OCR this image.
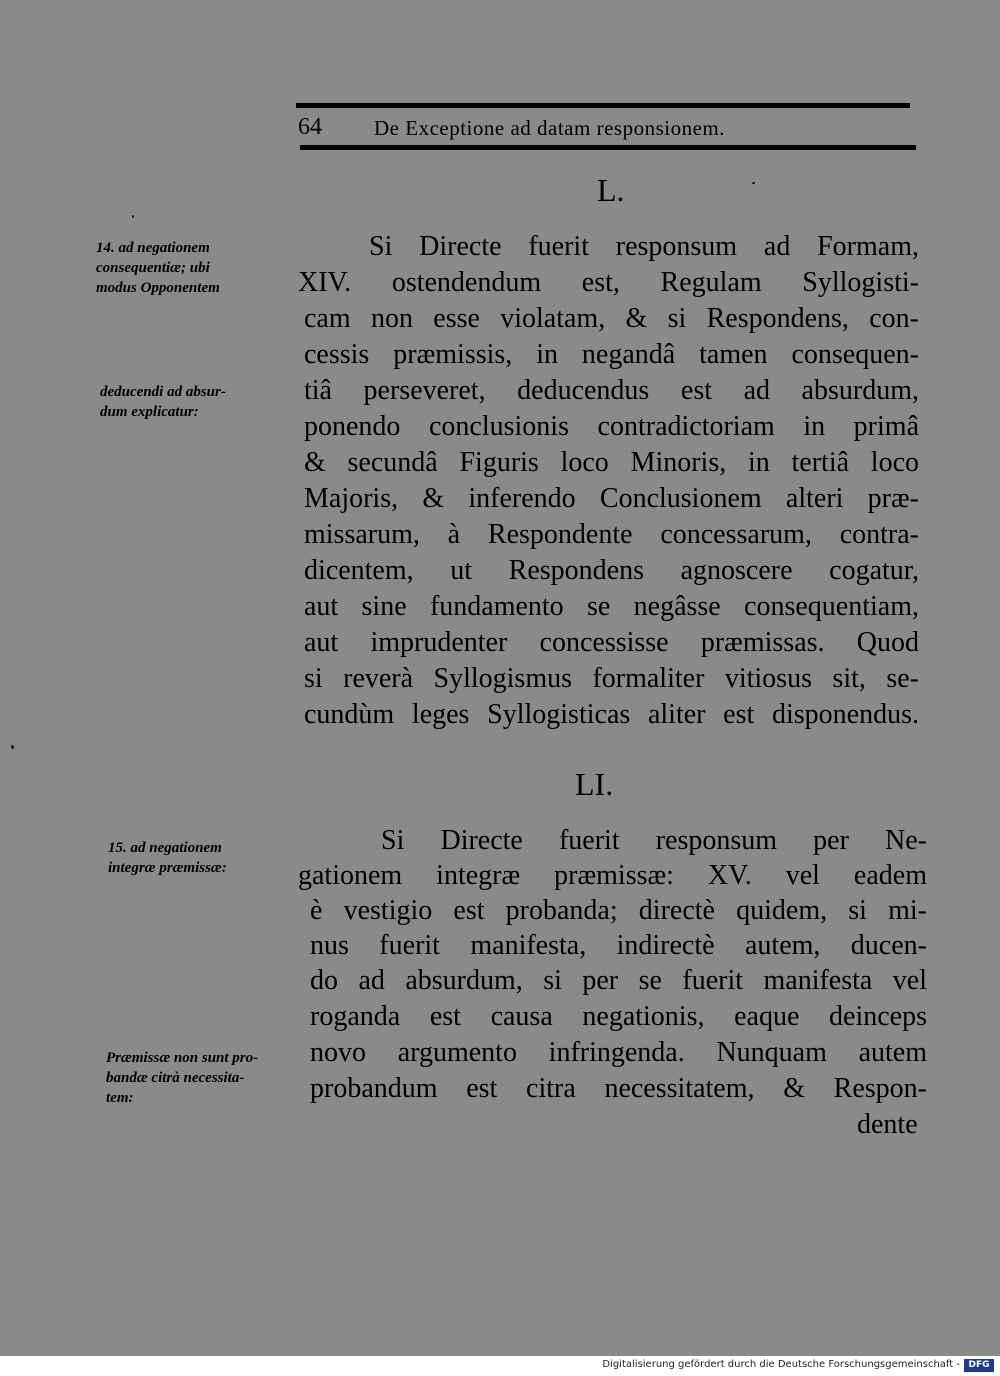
64 De Exceptione ad datam responsionem.
L.
Si Directe fuerit responsum ad Formam,
XIV. ostendendum est, Regulam Syllogisti-
cam non esse violatam, & si Respondens, con-
cessis præmissis, in negandâ tamen consequen-
tiâ perseveret, deducendus est ad absurdum,
ponendo conclusionis contradictoriam in primâ
& secundâ Figuris loco Minoris, in tertiâ loco
Majoris, & inferendo Conclusionem alteri præ-
missarum, à Respondente concessarum, contra-
dicentem, ut Respondens agnoscere cogatur,
aut sine fundamento se negâsse consequentiam,
aut imprudenter concessisse præmissas. Quod
si reverà Syllogismus formaliter vitiosus sit, se-
cundùm leges Syllogisticas aliter est disponendus.
14. ad negationem
consequentiæ; ubi
modus Opponentem
deducendi ad absur-
dum explicatur:
LI.
Si Directe fuerit responsum per Ne-
gationem integræ præmissæ: XV. vel eadem
è vestigio est probanda; directè quidem, si mi-
nus fuerit manifesta, indirectè autem, ducen-
do ad absurdum, si per se fuerit manifesta vel
roganda est causa negationis, eaque deinceps
novo argumento infringenda. Nunquam autem
probandum est citra necessitatem, & Respon-
dente
15. ad negationem
integræ præmissæ:
Præmissæ non sunt pro-
bandæ citrà necessita-
tem:
Digitalisierung gefördert durch die Deutsche Forschungsgemeinschaft - DFG
